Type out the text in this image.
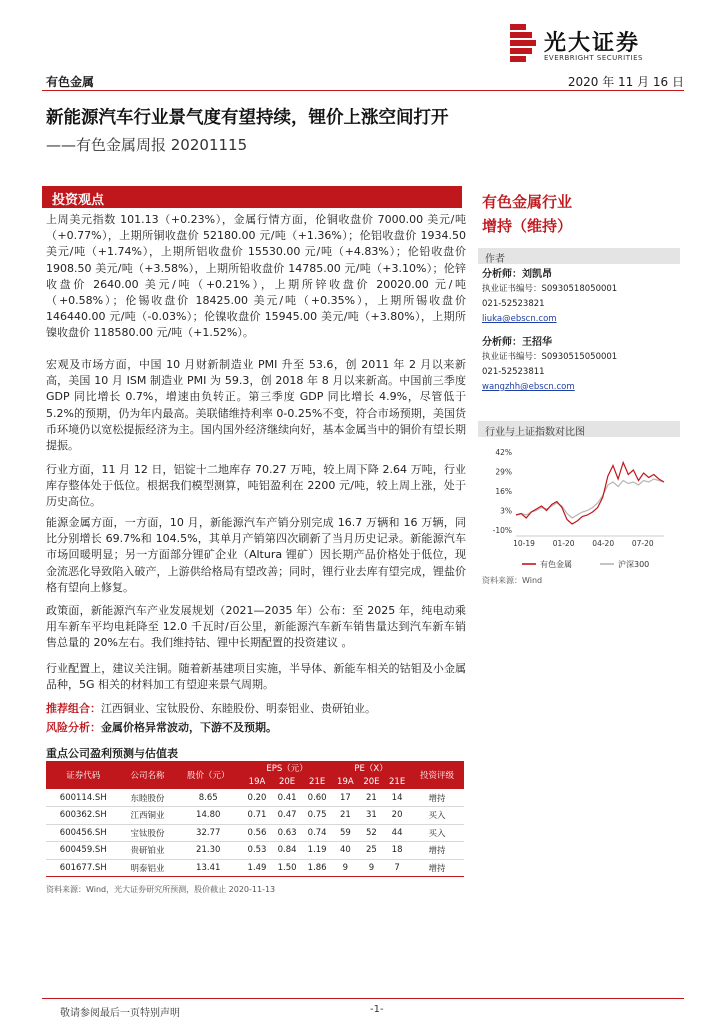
光大证券
EVERBRIGHT SECURITIES
有色金属	2020 年 11 月 16 日
新能源汽车行业景气度有望持续，锂价上涨空间打开
——有色金属周报 20201115
投资观点

上周美元指数 101.13（+0.23%），金属行情方面，伦铜收盘价 7000.00 美元/吨（+0.77%），上期所铜收盘价 52180.00 元/吨（+1.36%）；伦铝收盘价 1934.50 美元/吨（+1.74%），上期所铝收盘价 15530.00 元/吨（+4.83%）；伦铅收盘价 1908.50 美元/吨（+3.58%），上期所铅收盘价 14785.00 元/吨（+3.10%）；伦锌收盘价 2640.00 美元/吨（+0.21%），上期所锌收盘价 20020.00 元/吨（+0.58%）；伦锡收盘价 18425.00 美元/吨（+0.35%），上期所锡收盘价 146440.00 元/吨（-0.03%）；伦镍收盘价 15945.00 美元/吨（+3.80%），上期所镍收盘价 118580.00 元/吨（+1.52%）。

宏观及市场方面，中国 10 月财新制造业 PMI 升至 53.6，创 2011 年 2 月以来新高，美国 10 月 ISM 制造业 PMI 为 59.3，创 2018 年 8 月以来新高。中国前三季度 GDP 同比增长 0.7%，增速由负转正。第三季度 GDP 同比增长 4.9%，尽管低于 5.2%的预期，仍为年内最高。美联储维持利率 0-0.25%不变，符合市场预期，美国货币环境仍以宽松提振经济为主。国内国外经济继续向好，基本金属当中的铜价有望长期提振。

行业方面，11 月 12 日，铝锭十二地库存 70.27 万吨，较上周下降 2.64 万吨，行业库存整体处于低位。根据我们模型测算，吨铝盈利在 2200 元/吨，较上周上涨，处于历史高位。

能源金属方面，一方面，10 月，新能源汽车产销分别完成 16.7 万辆和 16 万辆，同比分别增长 69.7%和 104.5%，其单月产销第四次刷新了当月历史记录。新能源汽车市场回暖明显；另一方面部分锂矿企业（Altura 锂矿）因长期产品价格处于低位，现金流恶化导致陷入破产，上游供给格局有望改善；同时，锂行业去库有望完成，锂盐价格有望向上修复。

政策面，新能源汽车产业发展规划（2021—2035 年）公布：至 2025 年，纯电动乘用车新车平均电耗降至 12.0 千瓦时/百公里，新能源汽车新车销售量达到汽车新车销售总量的 20%左右。我们维持钴、锂中长期配置的投资建议 。

行业配置上，建议关注铜。随着新基建项目实施，半导体、新能车相关的钴钼及小金属品种，5G 相关的材料加工有望迎来景气周期。

推荐组合：江西铜业、宝钛股份、东睦股份、明泰铝业、贵研铂业。

风险分析：金属价格异常波动，下游不及预期。

重点公司盈利预测与估值表
证券代码	公司名称	股价（元）	EPS（元）			PE（X）			投资评级
			19A	20E	21E	19A	20E	21E	
600114.SH	东睦股份	8.65	0.20	0.41	0.60	17	21	14	增持
600362.SH	江西铜业	14.80	0.71	0.47	0.75	21	31	20	买入
600456.SH	宝钛股份	32.77	0.56	0.63	0.74	59	52	44	买入
600459.SH	贵研铂业	21.30	0.53	0.84	1.19	40	25	18	增持
601677.SH	明泰铝业	13.41	1.49	1.50	1.86	9	9	7	增持
资料来源：Wind，光大证券研究所预测，股价截止 2020-11-13
有色金属行业
增持（维持）
作者
分析师：刘凯昂
执业证书编号：S0930518050001
021-52523821
liuka@ebscn.com
分析师：王招华
执业证书编号：S0930515050001
021-52523811
wangzhh@ebscn.com
行业与上证指数对比图
42%
29%
16%
3%
-10%
10-19 01-20 04-20 07-20
有色金属	沪深300
资料来源：Wind
敬请参阅最后一页特别声明	-1-
